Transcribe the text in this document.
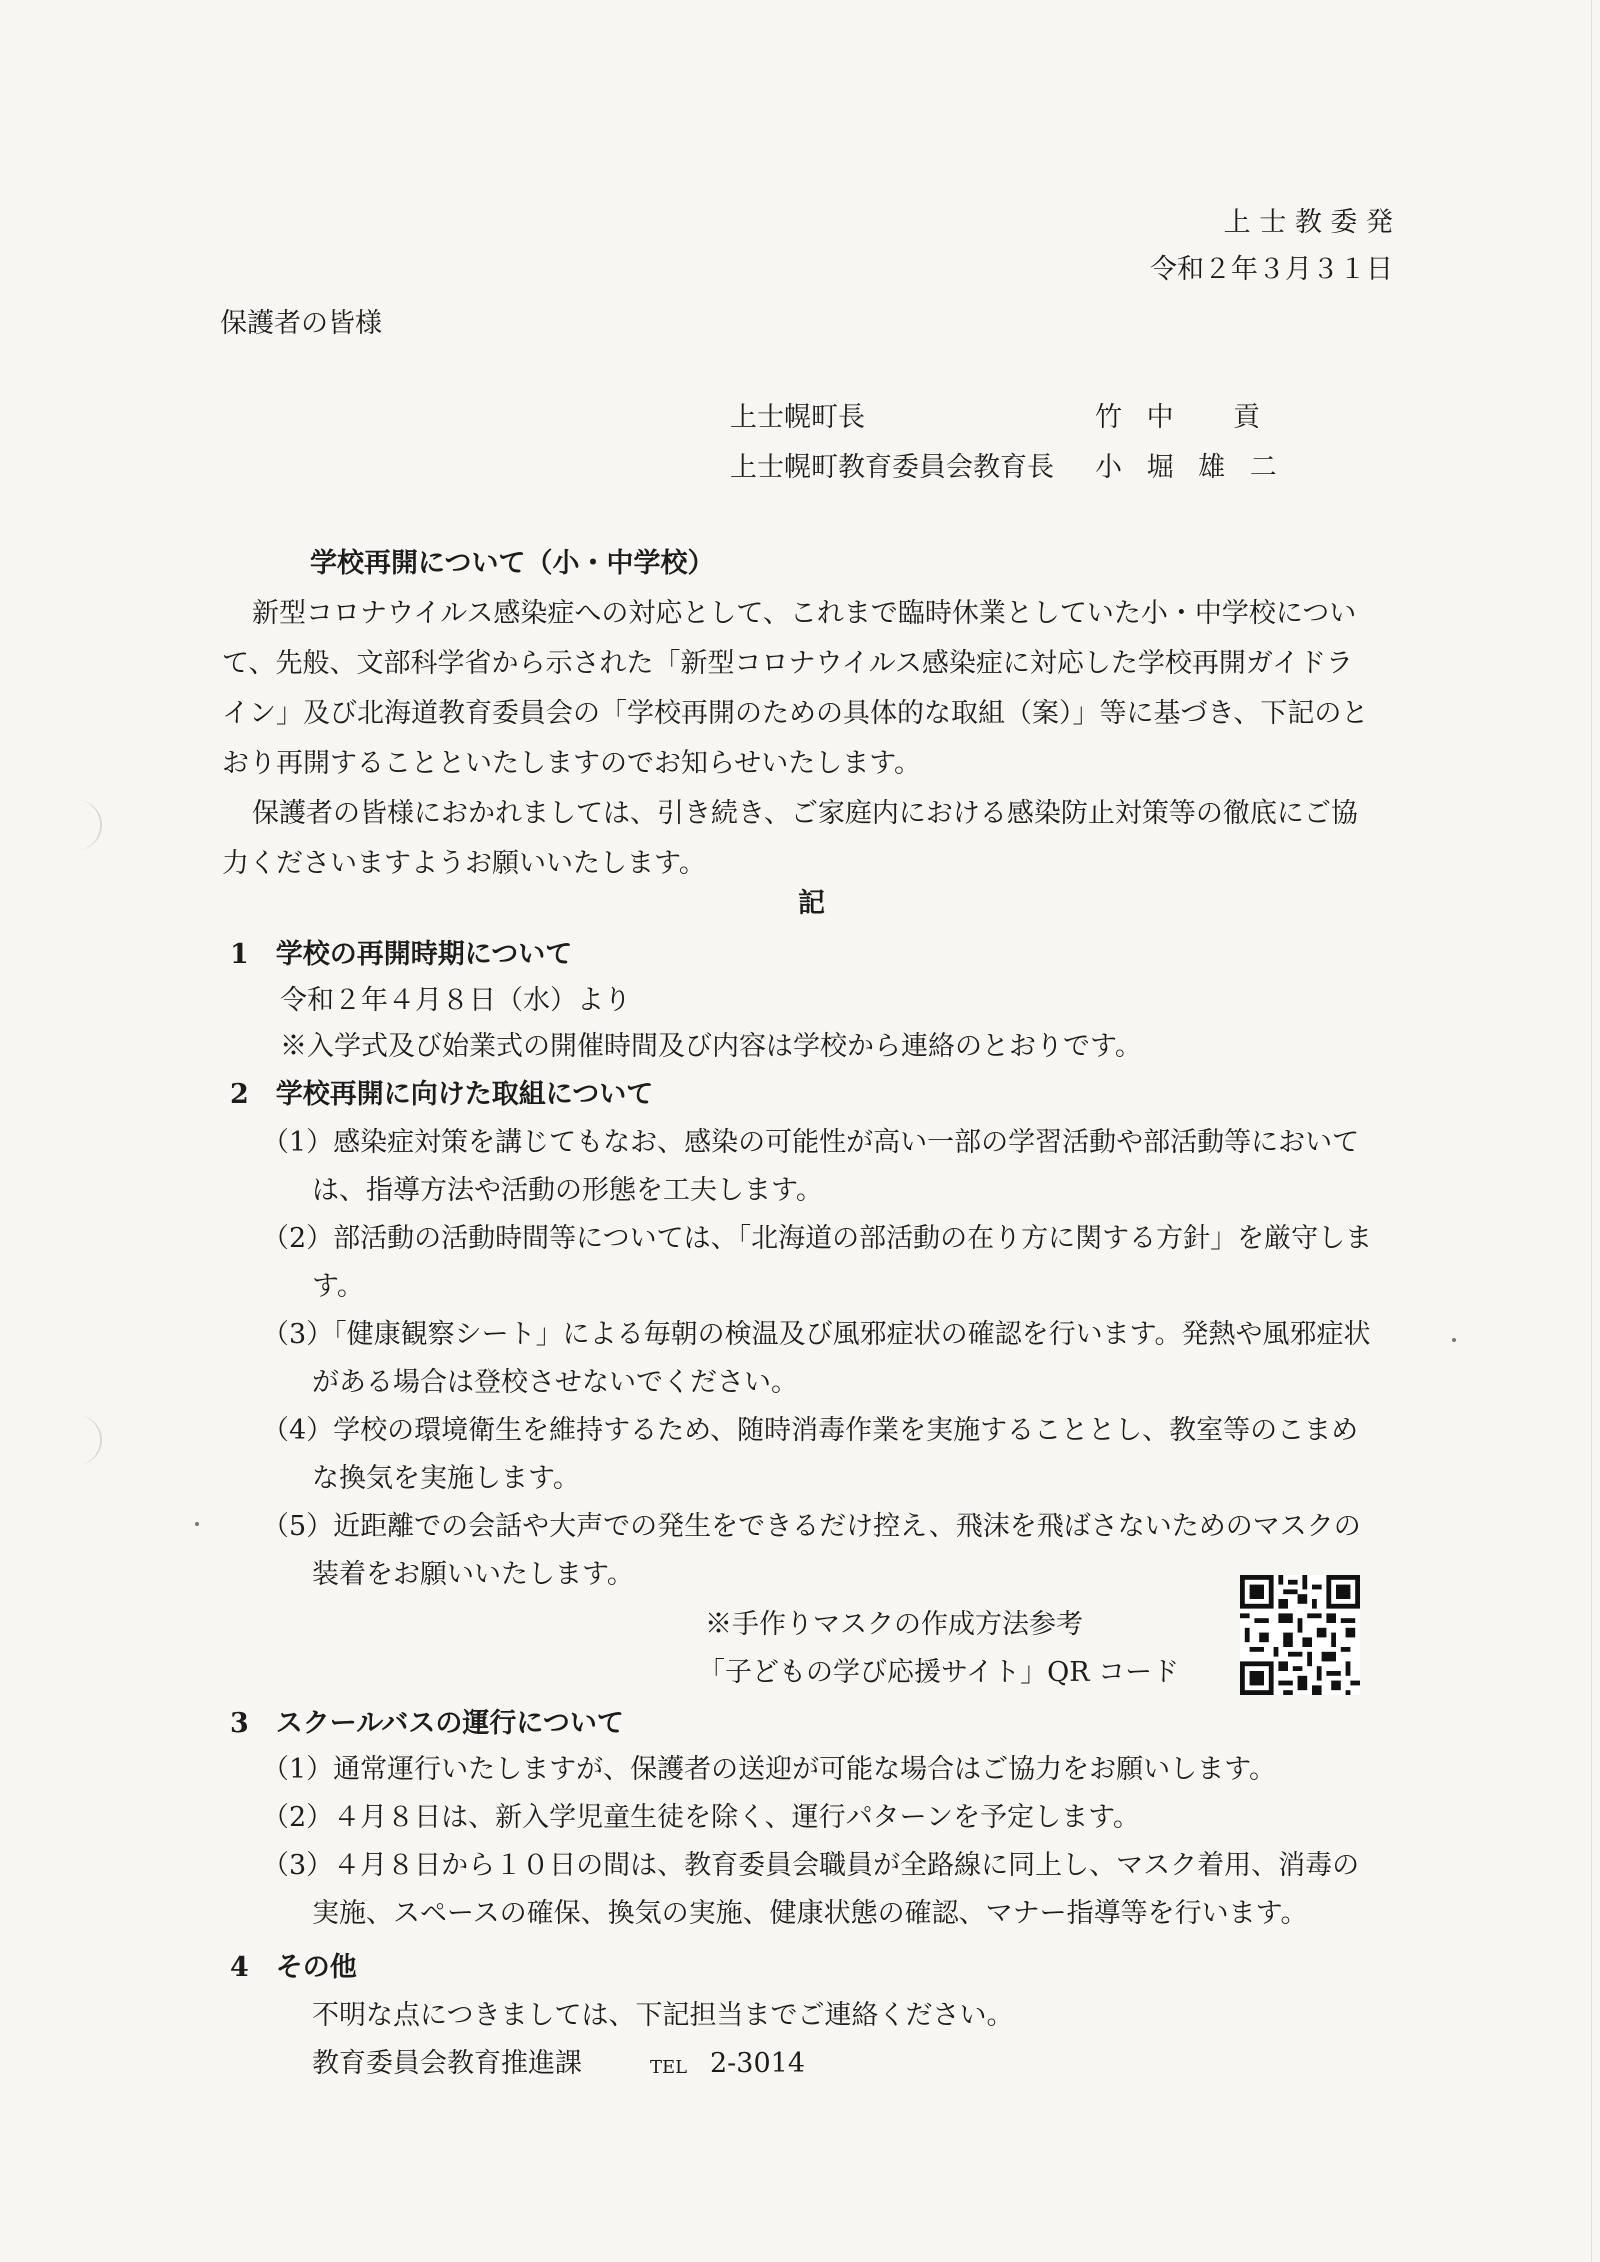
上 士 教 委 発
令和２年３月３１日
保護者の皆様
上士幌町長	竹 中　 貢
上士幌町教育委員会教育長 小 堀 雄 二
学校再開について（小・中学校）
新型コロナウイルス感染症への対応として、これまで臨時休業としていた小・中学校につい
て、先般、文部科学省から示された「新型コロナウイルス感染症に対応した学校再開ガイドラ
イン」及び北海道教育委員会の「学校再開のための具体的な取組（案）」等に基づき、下記のと
おり再開することといたしますのでお知らせいたします。
保護者の皆様におかれましては、引き続き、ご家庭内における感染防止対策等の徹底にご協
力くださいますようお願いいたします。
記
1　学校の再開時期について
令和２年４月８日（水）より
※入学式及び始業式の開催時間及び内容は学校から連絡のとおりです。
2　学校再開に向けた取組について
（1）感染症対策を講じてもなお、感染の可能性が高い一部の学習活動や部活動等において
は、指導方法や活動の形態を工夫します。
（2）部活動の活動時間等については、「北海道の部活動の在り方に関する方針」を厳守しま
す。
（3）「健康観察シート」による毎朝の検温及び風邪症状の確認を行います。発熱や風邪症状
がある場合は登校させないでください。
（4）学校の環境衛生を維持するため、随時消毒作業を実施することとし、教室等のこまめ
な換気を実施します。
（5）近距離での会話や大声での発生をできるだけ控え、飛沫を飛ばさないためのマスクの
装着をお願いいたします。
※手作りマスクの作成方法参考
「子どもの学び応援サイト」QR コード
3　スクールバスの運行について
（1）通常運行いたしますが、保護者の送迎が可能な場合はご協力をお願いします。
（2）４月８日は、新入学児童生徒を除く、運行パターンを予定します。
（3）４月８日から１０日の間は、教育委員会職員が全路線に同上し、マスク着用、消毒の
実施、スペースの確保、換気の実施、健康状態の確認、マナー指導等を行います。
4　その他
不明な点につきましては、下記担当までご連絡ください。
教育委員会教育推進課	TEL 2-3014
